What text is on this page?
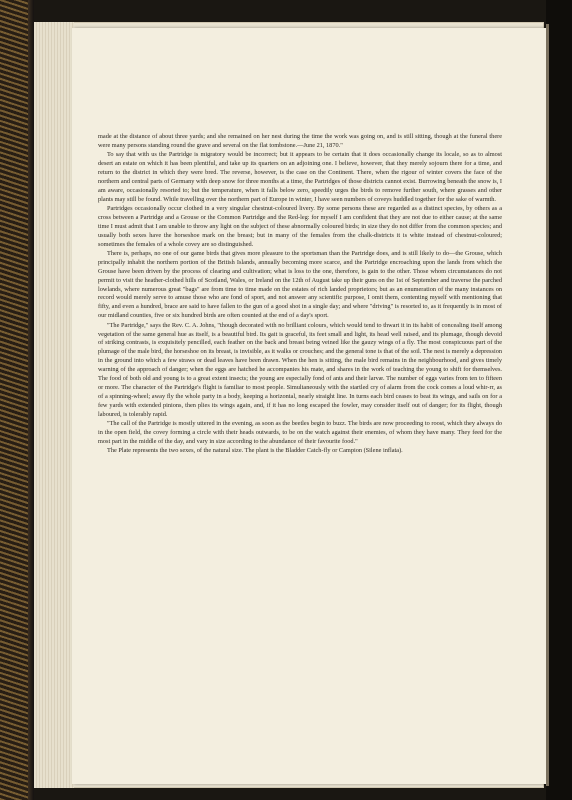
made at the distance of about three yards; and she remained on her nest during the time the work was going on, and is still sitting, though at the funeral there were many persons standing round the grave and several on the flat tombstone.—June 21, 1870."

To say that with us the Partridge is migratory would be incorrect; but it appears to be certain that it does occasionally change its locale, so as to almost desert an estate on which it has been plentiful, and take up its quarters on an adjoining one. I believe, however, that they merely sojourn there for a time, and return to the district in which they were bred. The reverse, however, is the case on the Continent. There, when the rigour of winter covers the face of the northern and central parts of Germany with deep snow for three months at a time, the Partridges of those districts cannot exist. Burrowing beneath the snow is, I am aware, occasionally resorted to; but the temperature, when it falls below zero, speedily urges the birds to remove further south, where grasses and other plants may still be found. While travelling over the northern part of Europe in winter, I have seen numbers of coveys huddled together for the sake of warmth.

Partridges occasionally occur clothed in a very singular chestnut-coloured livery. By some persons these are regarded as a distinct species, by others as a cross between a Partridge and a Grouse or the Common Partridge and the Red-leg: for myself I am confident that they are not due to either cause; at the same time I must admit that I am unable to throw any light on the subject of these abnormally coloured birds; in size they do not differ from the common species; and usually both sexes have the horseshoe mark on the breast; but in many of the females from the chalk-districts it is white instead of chestnut-coloured; sometimes the females of a whole covey are so distinguished.

There is, perhaps, no one of our game birds that gives more pleasure to the sportsman than the Partridge does, and is still likely to do—the Grouse, which principally inhabit the northern portion of the British Islands, annually becoming more scarce, and the Partridge encroaching upon the lands from which the Grouse have been driven by the process of clearing and cultivation; what is loss to the one, therefore, is gain to the other. Those whom circumstances do not permit to visit the heather-clothed hills of Scotland, Wales, or Ireland on the 12th of August take up their guns on the 1st of September and traverse the parched lowlands, where numerous great "bags" are from time to time made on the estates of rich landed proprietors; but as an enumeration of the many instances on record would merely serve to amuse those who are fond of sport, and not answer any scientific purpose, I omit them, contenting myself with mentioning that fifty, and even a hundred, brace are said to have fallen to the gun of a good shot in a single day; and where "driving" is resorted to, as it frequently is in most of our midland counties, five or six hundred birds are often counted at the end of a day's sport.

"The Partridge," says the Rev. C. A. Johns, "though decorated with no brilliant colours, which would tend to thwart it in its habit of concealing itself among vegetation of the same general hue as itself, is a beautiful bird. Its gait is graceful, its feet small and light, its head well raised, and its plumage, though devoid of striking contrasts, is exquisitely pencilled, each feather on the back and breast being veined like the gauzy wings of a fly. The most conspicuous part of the plumage of the male bird, the horseshoe on its breast, is invisible, as it walks or crouches; and the general tone is that of the soil. The nest is merely a depression in the ground into which a few straws or dead leaves have been drawn. When the hen is sitting, the male bird remains in the neighbourhood, and gives timely warning of the approach of danger; when the eggs are hatched he accompanies his mate, and shares in the work of teaching the young to shift for themselves. The food of both old and young is to a great extent insects; the young are especially fond of ants and their larvæ. The number of eggs varies from ten to fifteen or more. The character of the Partridge's flight is familiar to most people. Simultaneously with the startled cry of alarm from the cock comes a loud whir-rr, as of a spinning-wheel; away fly the whole party in a body, keeping a horizontal, nearly straight line. In turns each bird ceases to beat its wings, and sails on for a few yards with extended pinions, then plies its wings again, and, if it has no long escaped the fowler, may consider itself out of danger; for its flight, though laboured, is tolerably rapid.

"The call of the Partridge is mostly uttered in the evening, as soon as the beetles begin to buzz. The birds are now proceeding to roost, which they always do in the open field, the covey forming a circle with their heads outwards, to be on the watch against their enemies, of whom they have many. They feed for the most part in the middle of the day, and vary in size according to the abundance of their favourite food."

The Plate represents the two sexes, of the natural size. The plant is the Bladder Catch-fly or Campion (Silene inflata).
